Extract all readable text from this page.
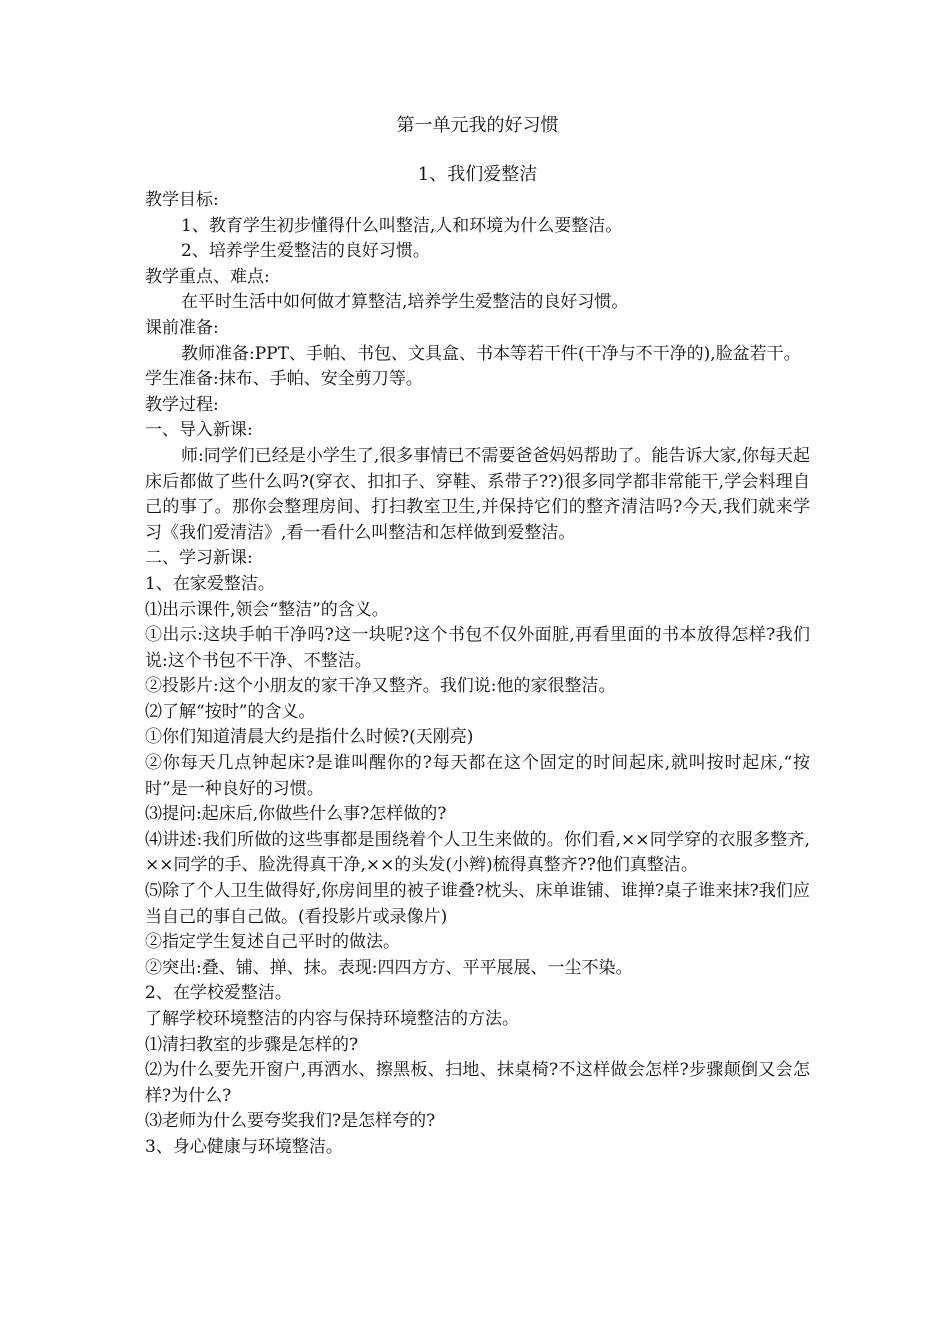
第一单元我的好习惯
1、我们爱整洁
教学目标:
1、教育学生初步懂得什么叫整洁,人和环境为什么要整洁。
2、培养学生爱整洁的良好习惯。
教学重点、难点:
在平时生活中如何做才算整洁,培养学生爱整洁的良好习惯。
课前准备:
教师准备:PPT、手帕、书包、文具盒、书本等若干件(干净与不干净的),脸盆若干。
学生准备:抹布、手帕、安全剪刀等。
教学过程:
一、导入新课:
师:同学们已经是小学生了,很多事情已不需要爸爸妈妈帮助了。能告诉大家,你每天起床后都做了些什么吗?(穿衣、扣扣子、穿鞋、系带子??)很多同学都非常能干,学会料理自己的事了。那你会整理房间、打扫教室卫生,并保持它们的整齐清洁吗?今天,我们就来学习《我们爱清洁》,看一看什么叫整洁和怎样做到爱整洁。
二、学习新课:
1、在家爱整洁。
⑴出示课件,领会“整洁”的含义。
①出示:这块手帕干净吗?这一块呢?这个书包不仅外面脏,再看里面的书本放得怎样?我们说:这个书包不干净、不整洁。
②投影片:这个小朋友的家干净又整齐。我们说:他的家很整洁。
⑵了解“按时”的含义。
①你们知道清晨大约是指什么时候?(天刚亮)
②你每天几点钟起床?是谁叫醒你的?每天都在这个固定的时间起床,就叫按时起床,“按时”是一种良好的习惯。
⑶提问:起床后,你做些什么事?怎样做的?
⑷讲述:我们所做的这些事都是围绕着个人卫生来做的。你们看,××同学穿的衣服多整齐,××同学的手、脸洗得真干净,××的头发(小辫)梳得真整齐??他们真整洁。
⑸除了个人卫生做得好,你房间里的被子谁叠?枕头、床单谁铺、谁掸?桌子谁来抹?我们应当自己的事自己做。(看投影片或录像片)
②指定学生复述自己平时的做法。
②突出:叠、铺、掸、抹。表现:四四方方、平平展展、一尘不染。
2、在学校爱整洁。
了解学校环境整洁的内容与保持环境整洁的方法。
⑴清扫教室的步骤是怎样的?
⑵为什么要先开窗户,再洒水、擦黑板、扫地、抹桌椅?不这样做会怎样?步骤颠倒又会怎样?为什么?
⑶老师为什么要夸奖我们?是怎样夸的?
3、身心健康与环境整洁。
